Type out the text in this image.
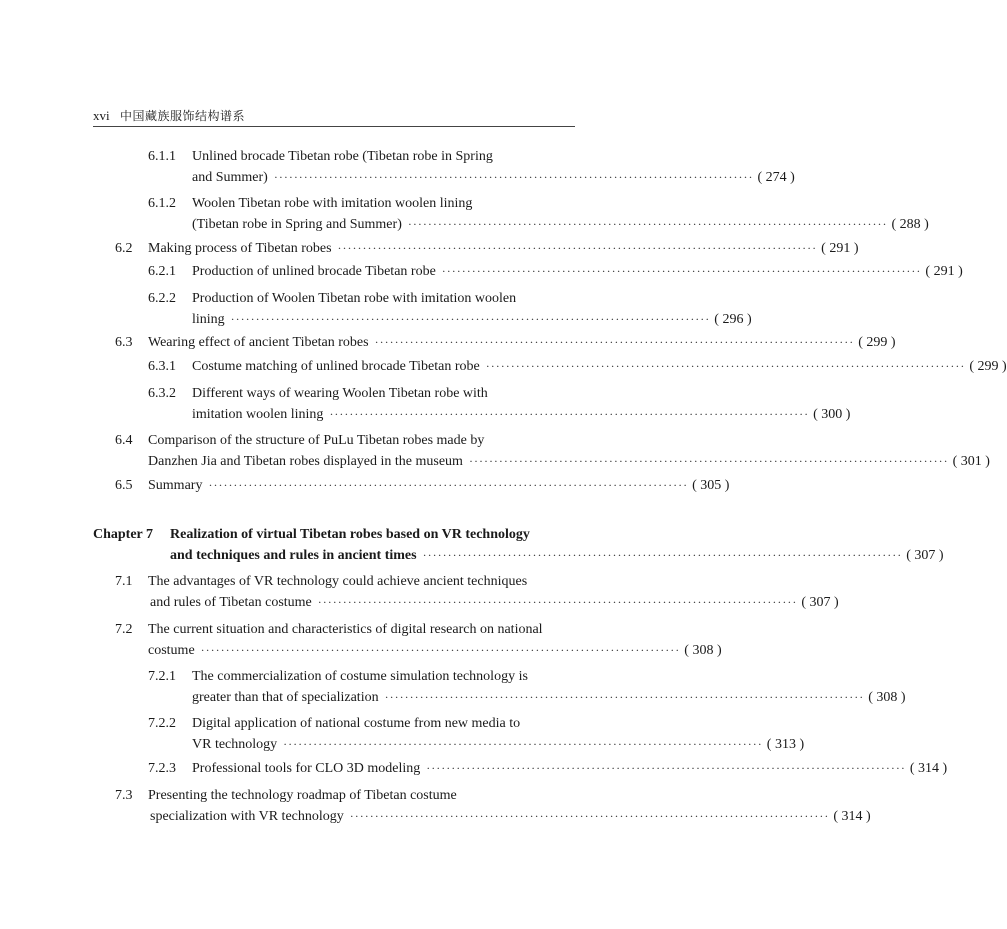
xvi 中国藏族服饰结构谱系
6.1.1 Unlined brocade Tibetan robe (Tibetan robe in Spring
and Summer) ································································································ ( 274 )
6.1.2 Woolen Tibetan robe with imitation woolen lining
(Tibetan robe in Spring and Summer) ································································································ ( 288 )
6.2 Making process of Tibetan robes ································································································ ( 291 )
6.2.1 Production of unlined brocade Tibetan robe ································································································ ( 291 )
6.2.2 Production of Woolen Tibetan robe with imitation woolen
lining ································································································ ( 296 )
6.3 Wearing effect of ancient Tibetan robes ································································································ ( 299 )
6.3.1 Costume matching of unlined brocade Tibetan robe ································································································ ( 299 )
6.3.2 Different ways of wearing Woolen Tibetan robe with
imitation woolen lining ································································································ ( 300 )
6.4 Comparison of the structure of PuLu Tibetan robes made by
Danzhen Jia and Tibetan robes displayed in the museum ································································································ ( 301 )
6.5 Summary ································································································ ( 305 )
Chapter 7 Realization of virtual Tibetan robes based on VR technology
and techniques and rules in ancient times ································································································ ( 307 )
7.1 The advantages of VR technology could achieve ancient techniques
and rules of Tibetan costume ································································································ ( 307 )
7.2 The current situation and characteristics of digital research on national
costume ································································································ ( 308 )
7.2.1 The commercialization of costume simulation technology is
greater than that of specialization ································································································ ( 308 )
7.2.2 Digital application of national costume from new media to
VR technology ································································································ ( 313 )
7.2.3 Professional tools for CLO 3D modeling ································································································ ( 314 )
7.3 Presenting the technology roadmap of Tibetan costume
specialization with VR technology ································································································ ( 314 )
